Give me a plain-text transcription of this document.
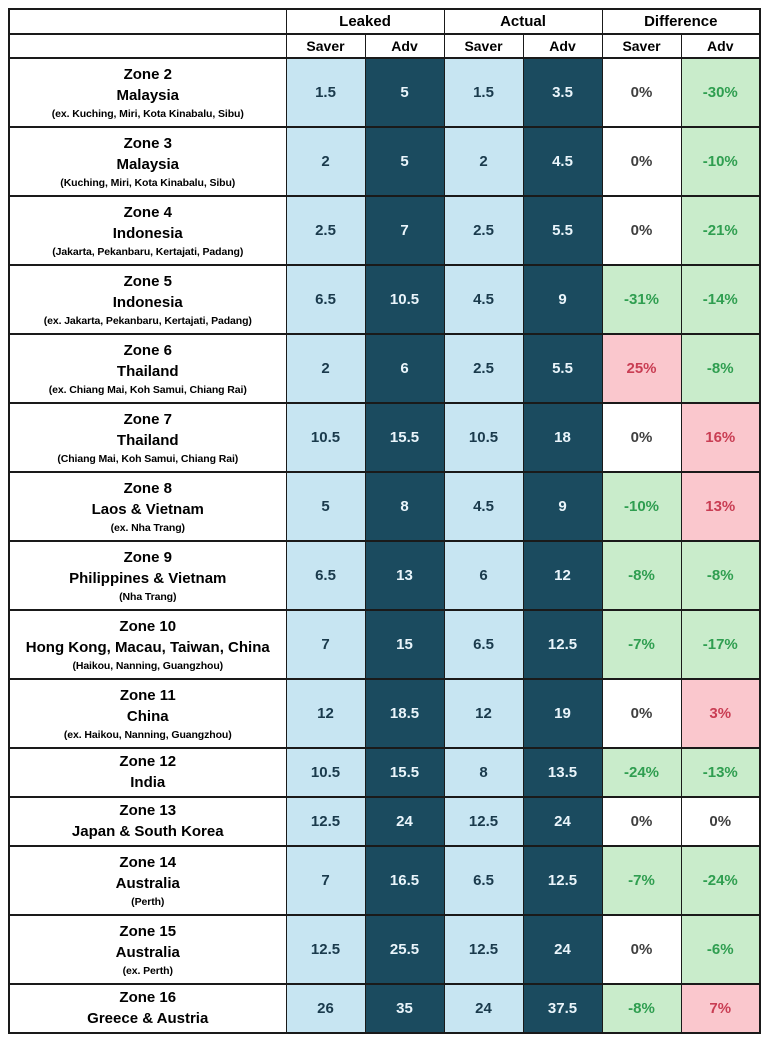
	Leaked		Actual		Difference	
	Saver	Adv	Saver	Adv	Saver	Adv

Zone 2
Malaysia
(ex. Kuching, Miri, Kota Kinabalu, Sibu)	1.5	5	1.5	3.5	0%	-30%

Zone 3
Malaysia
(Kuching, Miri, Kota Kinabalu, Sibu)	2	5	2	4.5	0%	-10%

Zone 4
Indonesia
(Jakarta, Pekanbaru, Kertajati, Padang)	2.5	7	2.5	5.5	0%	-21%

Zone 5
Indonesia
(ex. Jakarta, Pekanbaru, Kertajati, Padang)	6.5	10.5	4.5	9	-31%	-14%

Zone 6
Thailand
(ex. Chiang Mai, Koh Samui, Chiang Rai)	2	6	2.5	5.5	25%	-8%

Zone 7
Thailand
(Chiang Mai, Koh Samui, Chiang Rai)	10.5	15.5	10.5	18	0%	16%

Zone 8
Laos & Vietnam
(ex. Nha Trang)	5	8	4.5	9	-10%	13%

Zone 9
Philippines & Vietnam
(Nha Trang)	6.5	13	6	12	-8%	-8%

Zone 10
Hong Kong, Macau, Taiwan, China
(Haikou, Nanning, Guangzhou)	7	15	6.5	12.5	-7%	-17%

Zone 11
China
(ex. Haikou, Nanning, Guangzhou)	12	18.5	12	19	0%	3%

Zone 12
India	10.5	15.5	8	13.5	-24%	-13%

Zone 13
Japan & South Korea	12.5	24	12.5	24	0%	0%

Zone 14
Australia
(Perth)	7	16.5	6.5	12.5	-7%	-24%

Zone 15
Australia
(ex. Perth)	12.5	25.5	12.5	24	0%	-6%

Zone 16
Greece & Austria	26	35	24	37.5	-8%	7%
